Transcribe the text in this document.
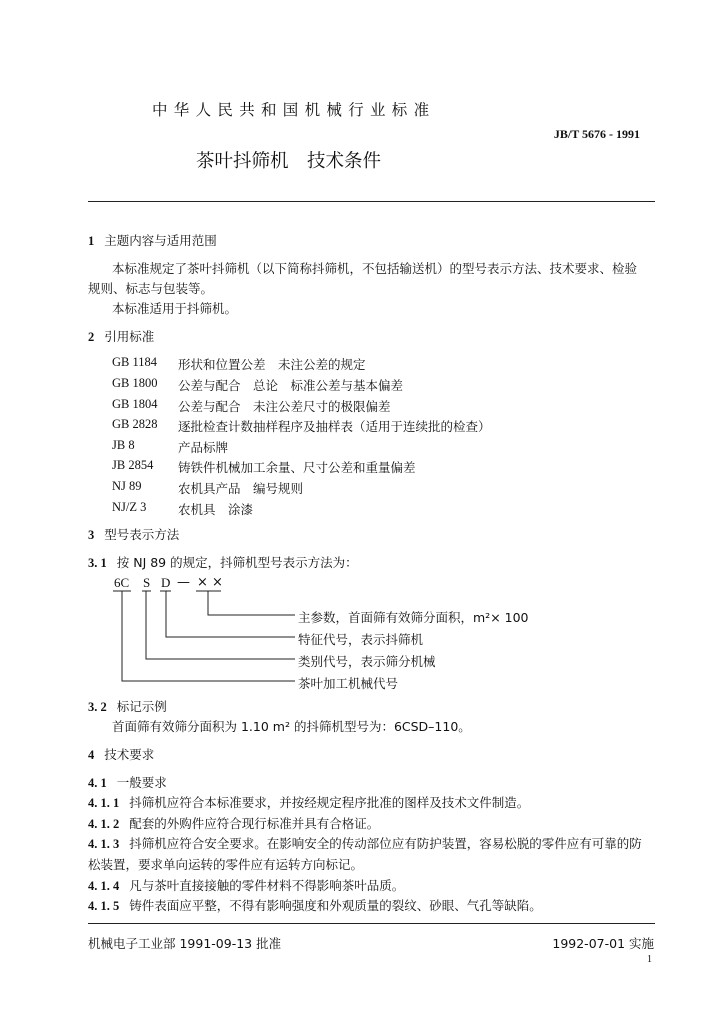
中华人民共和国机械行业标准
JB/T 5676 - 1991
茶叶抖筛机　技术条件
1 主题内容与适用范围
本标准规定了茶叶抖筛机（以下简称抖筛机，不包括输送机）的型号表示方法、技术要求、检验
规则、标志与包装等。
本标准适用于抖筛机。
2 引用标准
GB 1184 形状和位置公差　未注公差的规定
GB 1800 公差与配合　总论　标准公差与基本偏差
GB 1804 公差与配合　未注公差尺寸的极限偏差
GB 2828 逐批检查计数抽样程序及抽样表（适用于连续批的检查）
JB 8	产品标牌
JB 2854 铸铁件机械加工余量、尺寸公差和重量偏差
NJ 89	农机具产品　编号规则
NJ/Z 3	农机具　涂漆
3 型号表示方法
3. 1 按 NJ 89 的规定，抖筛机型号表示方法为：
6C S D — × ×
主参数，首面筛有效筛分面积，m²× 100
特征代号，表示抖筛机
类别代号，表示筛分机械
茶叶加工机械代号
3. 2 标记示例
首面筛有效筛分面积为 1.10 m² 的抖筛机型号为：6CSD–110。
4 技术要求
4. 1 一般要求
4. 1. 1 抖筛机应符合本标准要求，并按经规定程序批准的图样及技术文件制造。
4. 1. 2 配套的外购件应符合现行标准并具有合格证。
4. 1. 3 抖筛机应符合安全要求。在影响安全的传动部位应有防护装置，容易松脱的零件应有可靠的防
松装置，要求单向运转的零件应有运转方向标记。
4. 1. 4 凡与茶叶直接接触的零件材料不得影响茶叶品质。
4. 1. 5 铸件表面应平整，不得有影响强度和外观质量的裂纹、砂眼、气孔等缺陷。
机械电子工业部 1991-09-13 批准	1992-07-01 实施
1
